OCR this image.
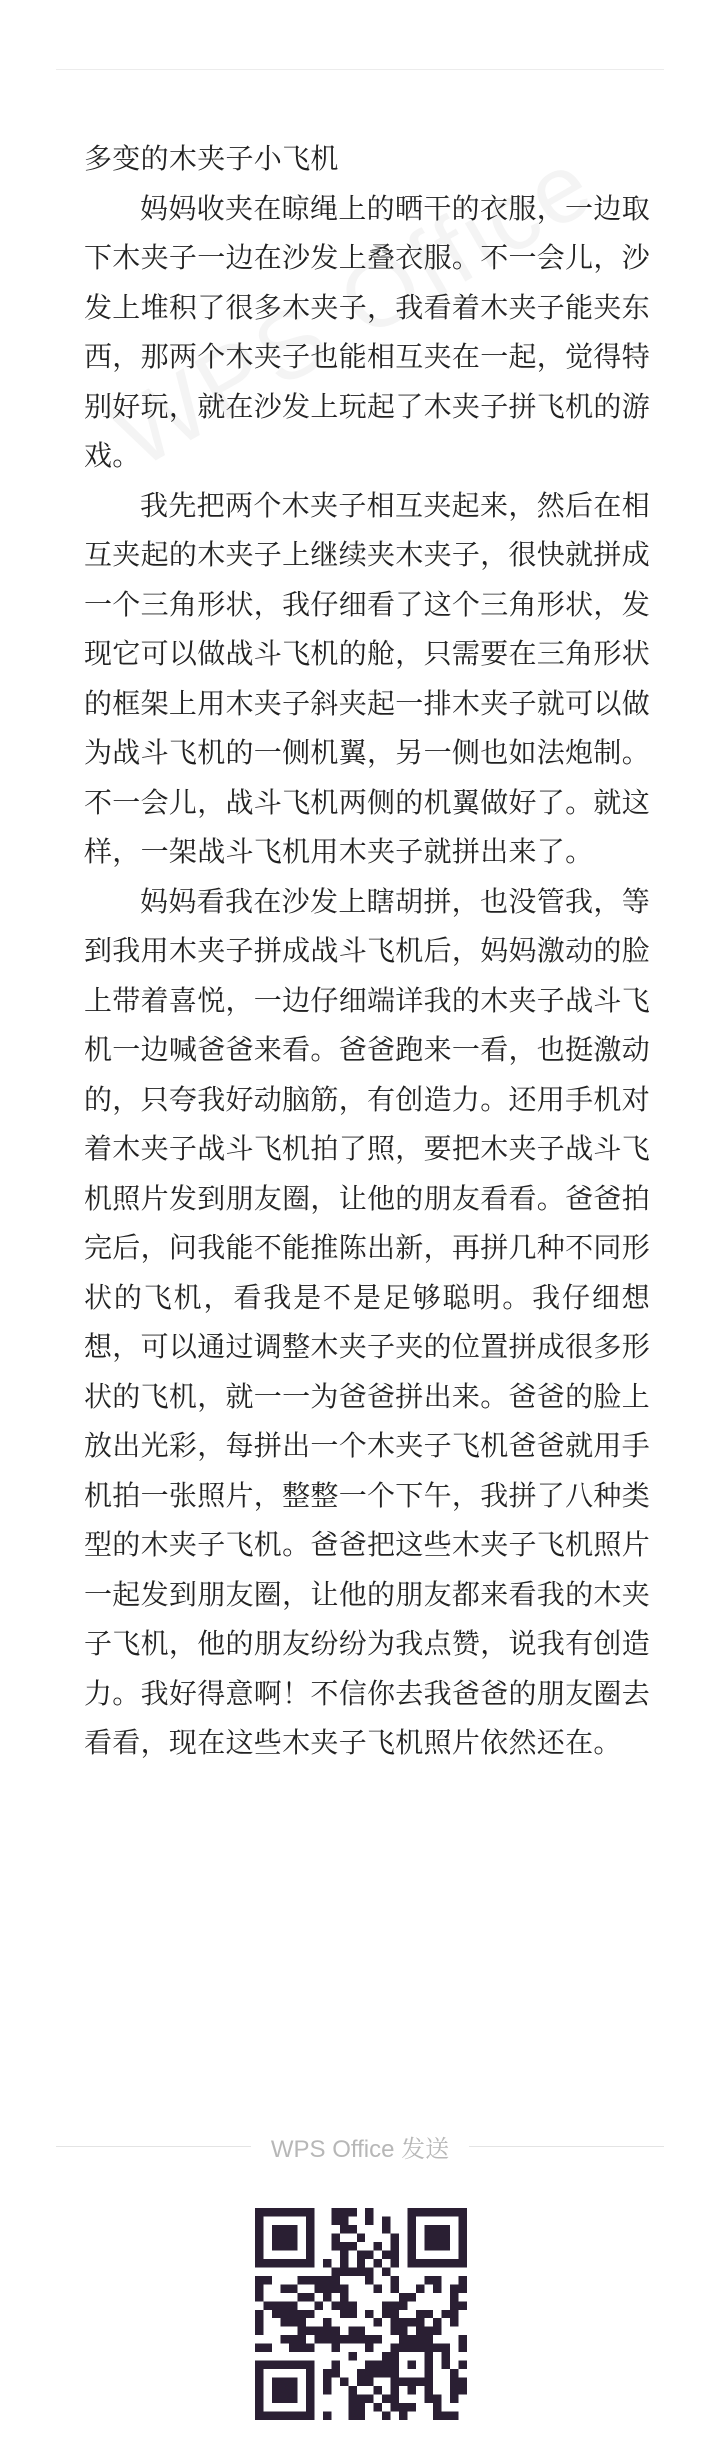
多变的木夹子小飞机

妈妈收夹在晾绳上的晒干的衣服，一边取下木夹子一边在沙发上叠衣服。不一会儿，沙发上堆积了很多木夹子，我看着木夹子能夹东西，那两个木夹子也能相互夹在一起，觉得特别好玩，就在沙发上玩起了木夹子拼飞机的游戏。

我先把两个木夹子相互夹起来，然后在相互夹起的木夹子上继续夹木夹子，很快就拼成一个三角形状，我仔细看了这个三角形状，发现它可以做战斗飞机的舱，只需要在三角形状的框架上用木夹子斜夹起一排木夹子就可以做为战斗飞机的一侧机翼，另一侧也如法炮制。不一会儿，战斗飞机两侧的机翼做好了。就这样，一架战斗飞机用木夹子就拼出来了。

妈妈看我在沙发上瞎胡拼，也没管我，等到我用木夹子拼成战斗飞机后，妈妈激动的脸上带着喜悦，一边仔细端详我的木夹子战斗飞机一边喊爸爸来看。爸爸跑来一看，也挺激动的，只夸我好动脑筋，有创造力。还用手机对着木夹子战斗飞机拍了照，要把木夹子战斗飞机照片发到朋友圈，让他的朋友看看。爸爸拍完后，问我能不能推陈出新，再拼几种不同形状的飞机，看我是不是足够聪明。我仔细想想，可以通过调整木夹子夹的位置拼成很多形状的飞机，就一一为爸爸拼出来。爸爸的脸上放出光彩，每拼出一个木夹子飞机爸爸就用手机拍一张照片，整整一个下午，我拼了八种类型的木夹子飞机。爸爸把这些木夹子飞机照片一起发到朋友圈，让他的朋友都来看我的木夹子飞机，他的朋友纷纷为我点赞，说我有创造力。我好得意啊！不信你去我爸爸的朋友圈去看看，现在这些木夹子飞机照片依然还在。

WPS Office 发送
